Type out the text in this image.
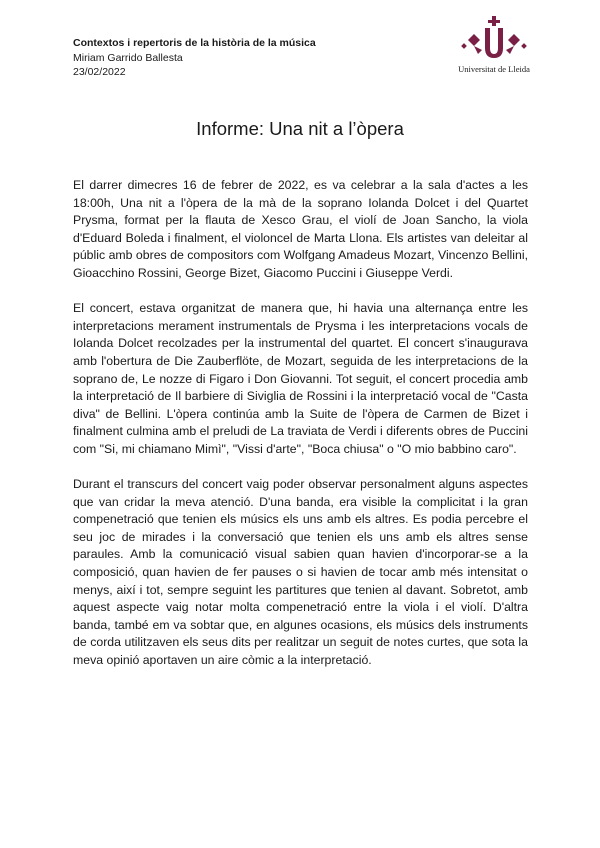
Contextos i repertoris de la història de la música
Miriam Garrido Ballesta
23/02/2022	Universitat de Lleida
Informe: Una nit a l’òpera

El darrer dimecres 16 de febrer de 2022, es va celebrar a la sala d'actes a les 18:00h, Una nit a l'òpera de la mà de la soprano Iolanda Dolcet i del Quartet Prysma, format per la flauta de Xesco Grau, el violí de Joan Sancho, la viola d'Eduard Boleda i finalment, el violoncel de Marta Llona. Els artistes van deleitar al públic amb obres de compositors com Wolfgang Amadeus Mozart, Vincenzo Bellini, Gioacchino Rossini, George Bizet, Giacomo Puccini i Giuseppe Verdi.

El concert, estava organitzat de manera que, hi havia una alternança entre les interpretacions merament instrumentals de Prysma i les interpretacions vocals de Iolanda Dolcet recolzades per la instrumental del quartet. El concert s'inaugurava amb l'obertura de Die Zauberflöte, de Mozart, seguida de les interpretacions de la soprano de, Le nozze di Figaro i Don Giovanni. Tot seguit, el concert procedia amb la interpretació de Il barbiere di Siviglia de Rossini i la interpretació vocal de "Casta diva" de Bellini. L'òpera continúa amb la Suite de l'òpera de Carmen de Bizet i finalment culmina amb el preludi de La traviata de Verdi i diferents obres de Puccini com "Si, mi chiamano Mimì", "Vissi d'arte", "Boca chiusa" o "O mio babbino caro".

Durant el transcurs del concert vaig poder observar personalment alguns aspectes que van cridar la meva atenció. D'una banda, era visible la complicitat i la gran compenetració que tenien els músics els uns amb els altres. Es podia percebre el seu joc de mirades i la conversació que tenien els uns amb els altres sense paraules. Amb la comunicació visual sabien quan havien d'incorporar-se a la composició, quan havien de fer pauses o si havien de tocar amb més intensitat o menys, així i tot, sempre seguint les partitures que tenien al davant. Sobretot, amb aquest aspecte vaig notar molta compenetració entre la viola i el violí. D'altra banda, també em va sobtar que, en algunes ocasions, els músics dels instruments de corda utilitzaven els seus dits per realitzar un seguit de notes curtes, que sota la meva opinió aportaven un aire còmic a la interpretació.
